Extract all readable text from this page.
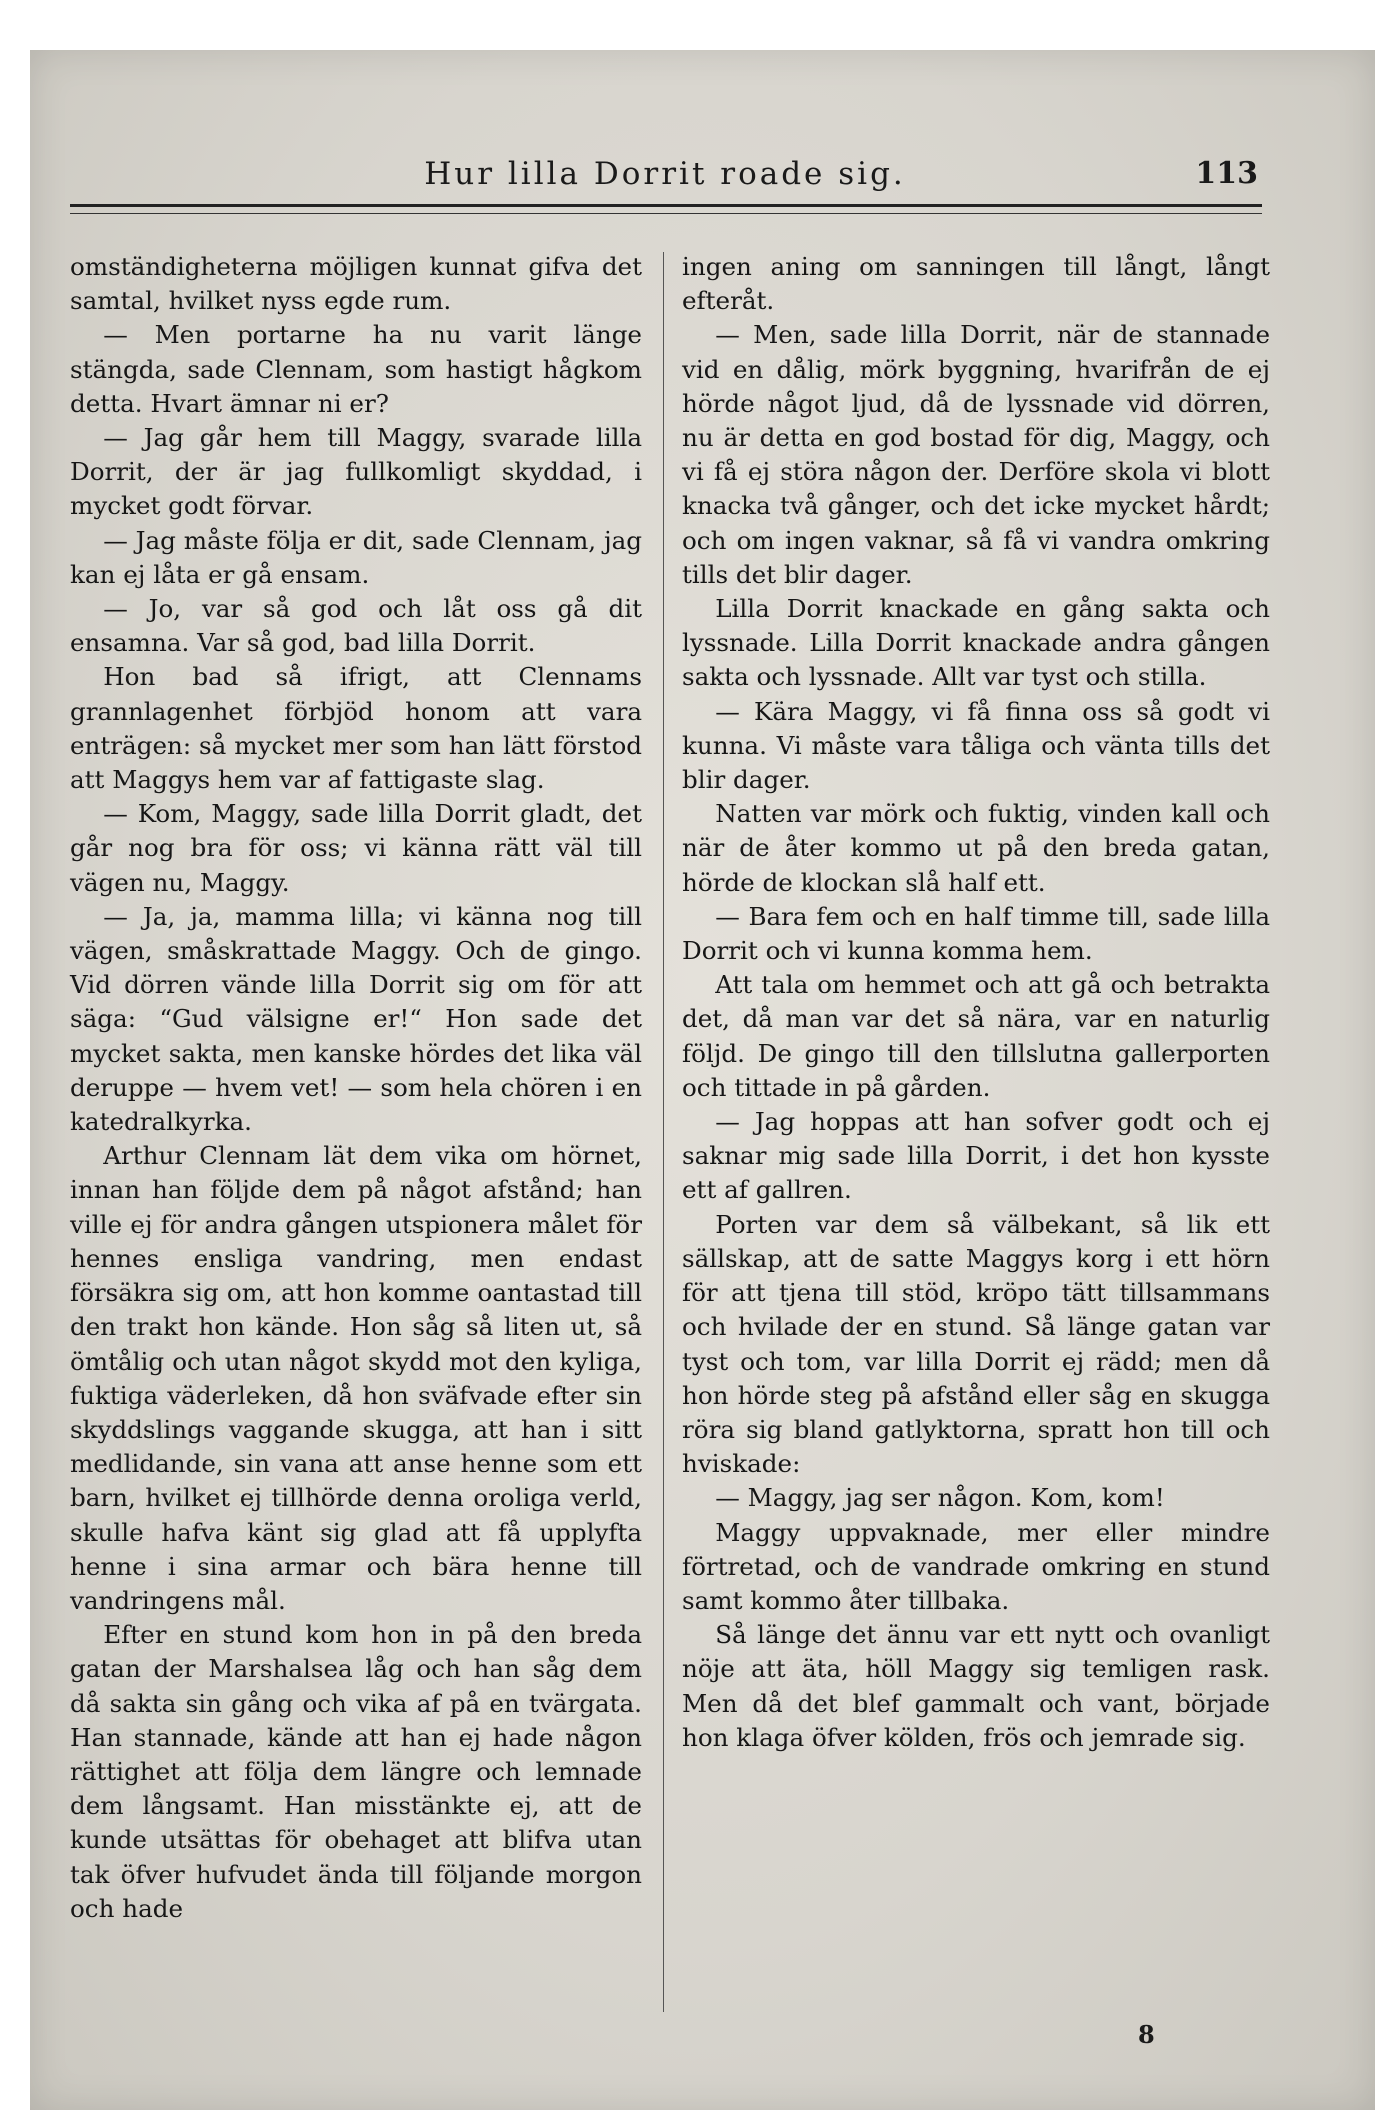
Hur lilla Dorrit roade sig.	113

omständigheterna möjligen kunnat gifva det samtal, hvilket nyss egde rum.

— Men portarne ha nu varit länge stängda, sade Clennam, som hastigt hågkom detta. Hvart ämnar ni er?

— Jag går hem till Maggy, svarade lilla Dorrit, der är jag fullkomligt skyddad, i mycket godt förvar.

— Jag måste följa er dit, sade Clennam, jag kan ej låta er gå ensam.

— Jo, var så god och låt oss gå dit ensamna. Var så god, bad lilla Dorrit.

Hon bad så ifrigt, att Clennams grannlagenhet förbjöd honom att vara enträgen: så mycket mer som han lätt förstod att Maggys hem var af fattigaste slag.

— Kom, Maggy, sade lilla Dorrit gladt, det går nog bra för oss; vi känna rätt väl till vägen nu, Maggy.

— Ja, ja, mamma lilla; vi känna nog till vägen, småskrattade Maggy. Och de gingo. Vid dörren vände lilla Dorrit sig om för att säga: “Gud välsigne er!“ Hon sade det mycket sakta, men kanske hördes det lika väl deruppe — hvem vet! — som hela chören i en katedralkyrka.

Arthur Clennam lät dem vika om hörnet, innan han följde dem på något afstånd; han ville ej för andra gången utspionera målet för hennes ensliga vandring, men endast försäkra sig om, att hon komme oantastad till den trakt hon kände. Hon såg så liten ut, så ömtålig och utan något skydd mot den kyliga, fuktiga väderleken, då hon sväfvade efter sin skyddslings vaggande skugga, att han i sitt medlidande, sin vana att anse henne som ett barn, hvilket ej tillhörde denna oroliga verld, skulle hafva känt sig glad att få upplyfta henne i sina armar och bära henne till vandringens mål.

Efter en stund kom hon in på den breda gatan der Marshalsea låg och han såg dem då sakta sin gång och vika af på en tvärgata. Han stannade, kände att han ej hade någon rättighet att följa dem längre och lemnade dem långsamt. Han misstänkte ej, att de kunde utsättas för obehaget att blifva utan tak öfver hufvudet ända till följande morgon och hade

ingen aning om sanningen till långt, långt efteråt.

— Men, sade lilla Dorrit, när de stannade vid en dålig, mörk byggning, hvarifrån de ej hörde något ljud, då de lyssnade vid dörren, nu är detta en god bostad för dig, Maggy, och vi få ej störa någon der. Derföre skola vi blott knacka två gånger, och det icke mycket hårdt; och om ingen vaknar, så få vi vandra omkring tills det blir dager.

Lilla Dorrit knackade en gång sakta och lyssnade. Lilla Dorrit knackade andra gången sakta och lyssnade. Allt var tyst och stilla.

— Kära Maggy, vi få finna oss så godt vi kunna. Vi måste vara tåliga och vänta tills det blir dager.

Natten var mörk och fuktig, vinden kall och när de åter kommo ut på den breda gatan, hörde de klockan slå half ett.

— Bara fem och en half timme till, sade lilla Dorrit och vi kunna komma hem.

Att tala om hemmet och att gå och betrakta det, då man var det så nära, var en naturlig följd. De gingo till den tillslutna gallerporten och tittade in på gården.

— Jag hoppas att han sofver godt och ej saknar mig sade lilla Dorrit, i det hon kysste ett af gallren.

Porten var dem så välbekant, så lik ett sällskap, att de satte Maggys korg i ett hörn för att tjena till stöd, kröpo tätt tillsammans och hvilade der en stund. Så länge gatan var tyst och tom, var lilla Dorrit ej rädd; men då hon hörde steg på afstånd eller såg en skugga röra sig bland gatlyktorna, spratt hon till och hviskade:

— Maggy, jag ser någon. Kom, kom!

Maggy uppvaknade, mer eller mindre förtretad, och de vandrade omkring en stund samt kommo åter tillbaka.

Så länge det ännu var ett nytt och ovanligt nöje att äta, höll Maggy sig temligen rask. Men då det blef gammalt och vant, började hon klaga öfver kölden, frös och jemrade sig.

8
